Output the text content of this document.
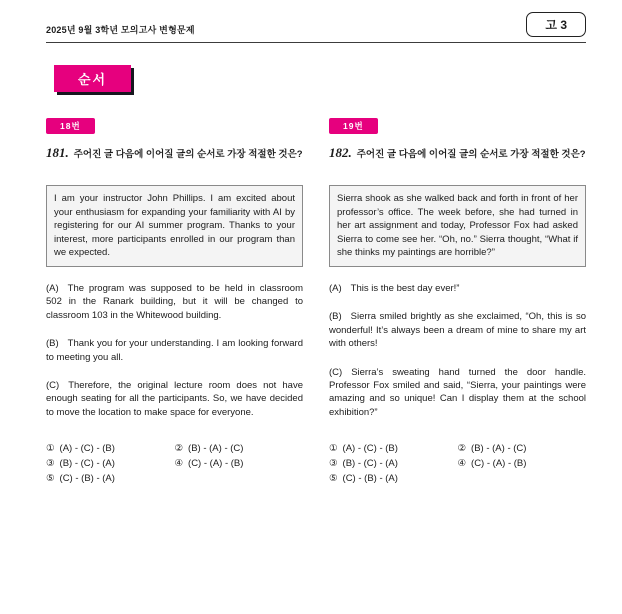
2025년 9월 3학년 모의고사 변형문제	고 3
순서
18번

181. 주어진 글 다음에 이어질 글의 순서로 가장 적절한 것은?

I am your instructor John Phillips. I am excited about your enthusiasm for expanding your familiarity with AI by registering for our AI summer program. Thanks to your interest, more participants enrolled in our program than we expected.

(A) The program was supposed to be held in classroom 502 in the Ranark building, but it will be changed to classroom 103 in the Whitewood building.

(B) Thank you for your understanding. I am looking forward to meeting you all.

(C) Therefore, the original lecture room does not have enough seating for all the participants. So, we have decided to move the location to make space for everyone.

① (A) - (C) - (B)	② (B) - (A) - (C)
③ (B) - (C) - (A)	④ (C) - (A) - (B)
⑤ (C) - (B) - (A)
19번

182. 주어진 글 다음에 이어질 글의 순서로 가장 적절한 것은?

Sierra shook as she walked back and forth in front of her professor’s office. The week before, she had turned in her art assignment and today, Professor Fox had asked Sierra to come see her. “Oh, no.” Sierra thought, “What if she thinks my paintings are horrible?”

(A) This is the best day ever!”

(B) Sierra smiled brightly as she exclaimed, “Oh, this is so wonderful! It’s always been a dream of mine to share my art with others!

(C) Sierra’s sweating hand turned the door handle. Professor Fox smiled and said, “Sierra, your paintings were amazing and so unique! Can I display them at the school exhibition?”

① (A) - (C) - (B)	② (B) - (A) - (C)
③ (B) - (C) - (A)	④ (C) - (A) - (B)
⑤ (C) - (B) - (A)
